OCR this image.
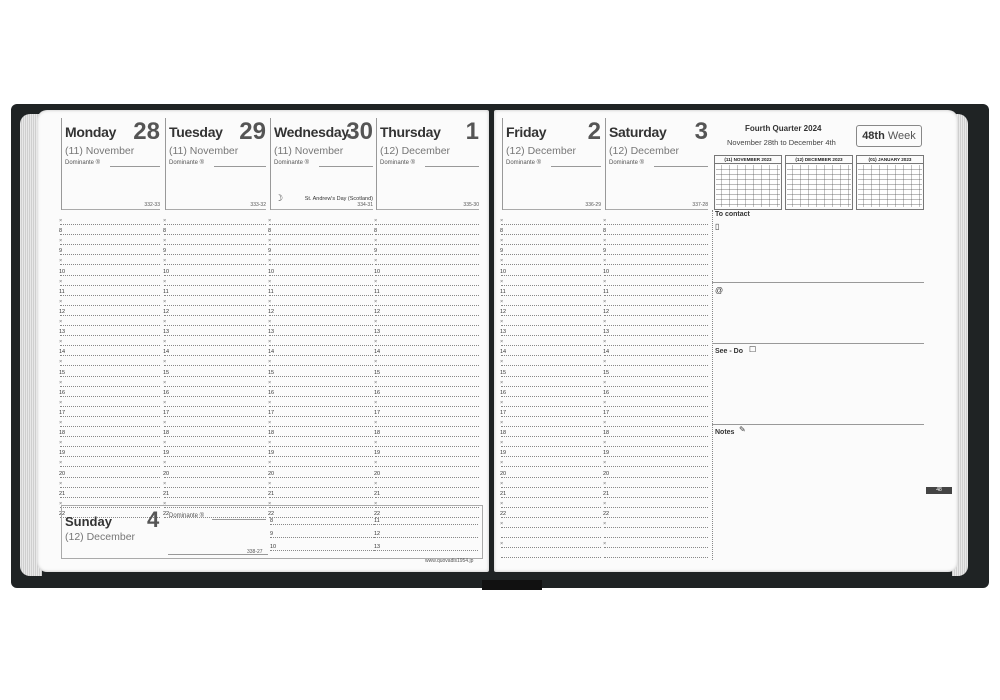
48
Monday 28
(11) November
Dominante ®
332-33
×
8
×
9
×
10
×
11
×
12
×
13
×
14
×
15
×
16
×
17
×
18
×
19
×
20
×
21
×
22
Tuesday 29
(11) November
Dominante ®
333-32
×
8
×
9
×
10
×
11
×
12
×
13
×
14
×
15
×
16
×
17
×
18
×
19
×
20
×
21
×
22
Wednesday
30
(11) November
Dominante ®
St. Andrew's Day (Scotland)
☽
334-31
×
8
×
9
×
10
×
11
×
12
×
13
×
14
×
15
×
16
×
17
×
18
×
19
×
20
×
21
×
22
Thursday 1
(12) December
Dominante ®
335-30
×
8
×
9
×
10
×
11
×
12
×
13
×
14
×
15
×
16
×
17
×
18
×
19
×
20
×
21
×
22
Friday 2
(12) December
Dominante ®
336-29
×
8
×
9
×
10
×
11
×
12
×
13
×
14
×
15
×
16
×
17
×
18
×
19
×
20
×
21
×
22
×
×
Saturday 3
(12) December
Dominante ®
337-28
×
8
×
9
×
10
×
11
×
12
×
13
×
14
×
15
×
16
×
17
×
18
×
19
×
20
×
21
×
22
×
×
Sunday 4
(12) December
Dominante ®
338-27
8
9
10
11
12
13
www.quovadis1954.jp
Fourth Quarter 2024
November 28th to December 4th
48th Week
(11) NOVEMBER 2023	(12) DECEMBER 2023	(01) JANUARY 2023
To contact
▯
@
See - Do ☐
Notes ✎
